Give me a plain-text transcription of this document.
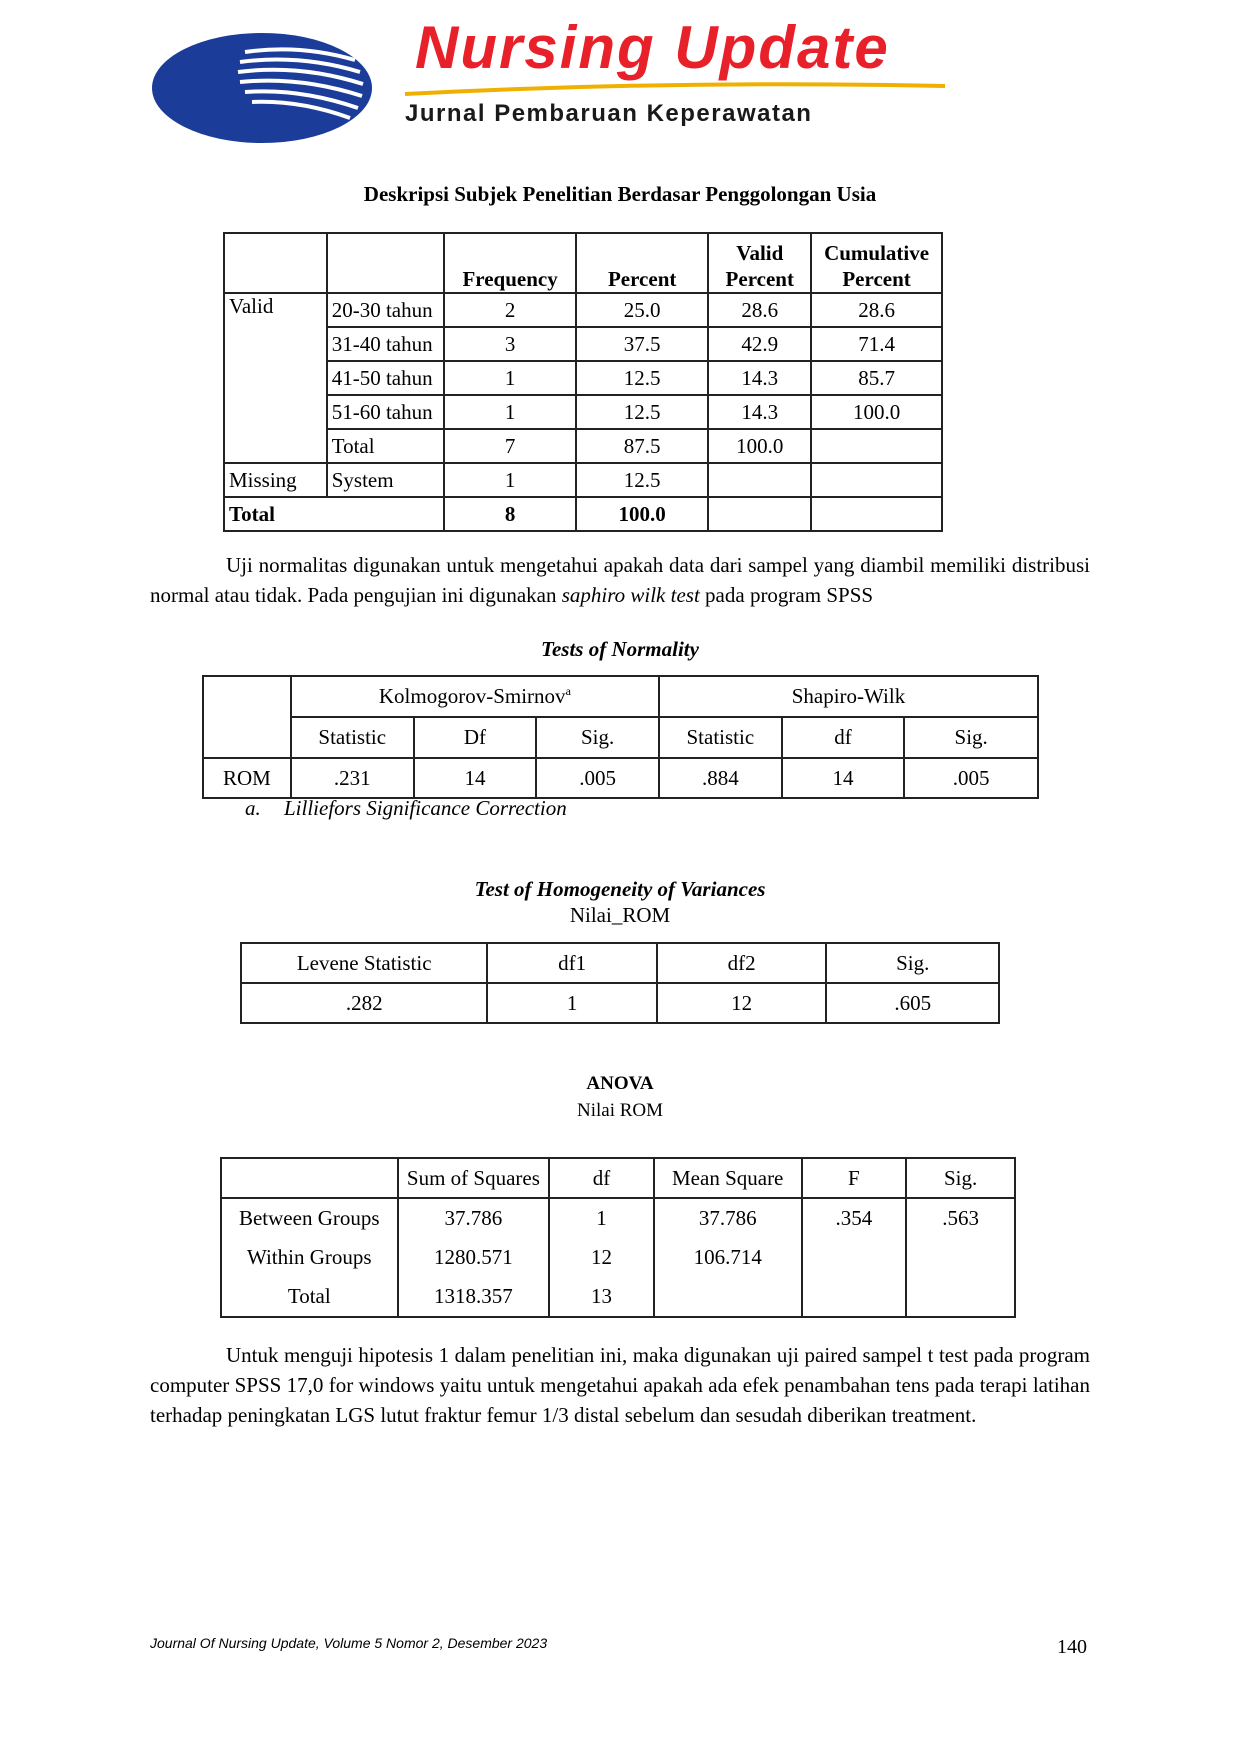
Nursing Update
Jurnal Pembaruan Keperawatan
Deskripsi Subjek Penelitian Berdasar Penggolongan Usia
		Frequency	Percent	Valid Percent	Cumulative Percent
Valid	20-30 tahun	2	25.0	28.6	28.6
	31-40 tahun	3	37.5	42.9	71.4
	41-50 tahun	1	12.5	14.3	85.7
	51-60 tahun	1	12.5	14.3	100.0
	Total	7	87.5	100.0	
Missing	System	1	12.5		
Total		8	100.0		
Uji normalitas digunakan untuk mengetahui apakah data dari sampel yang diambil memiliki distribusi normal atau tidak. Pada pengujian ini digunakan saphiro wilk test pada program SPSS
Tests of Normality
	Kolmogorov-Smirnov$^a$			Shapiro-Wilk		
	Statistic	Df	Sig.	Statistic	df	Sig.
ROM	.231	14	.005	.884	14	.005
a. Lilliefors Significance Correction
Test of Homogeneity of Variances
Nilai_ROM
Levene Statistic	df1	df2	Sig.
.282	1	12	.605
ANOVA
Nilai ROM
	Sum of Squares	df	Mean Square	F	Sig.
Between Groups	37.786	1	37.786	.354	.563
Within Groups	1280.571	12	106.714		
Total	1318.357	13			
Untuk menguji hipotesis 1 dalam penelitian ini, maka digunakan uji paired sampel t test pada program computer SPSS 17,0 for windows yaitu untuk mengetahui apakah ada efek penambahan tens pada terapi latihan terhadap peningkatan LGS lutut fraktur femur 1/3 distal sebelum dan sesudah diberikan treatment.
Journal Of Nursing Update, Volume 5 Nomor 2, Desember 2023	140
